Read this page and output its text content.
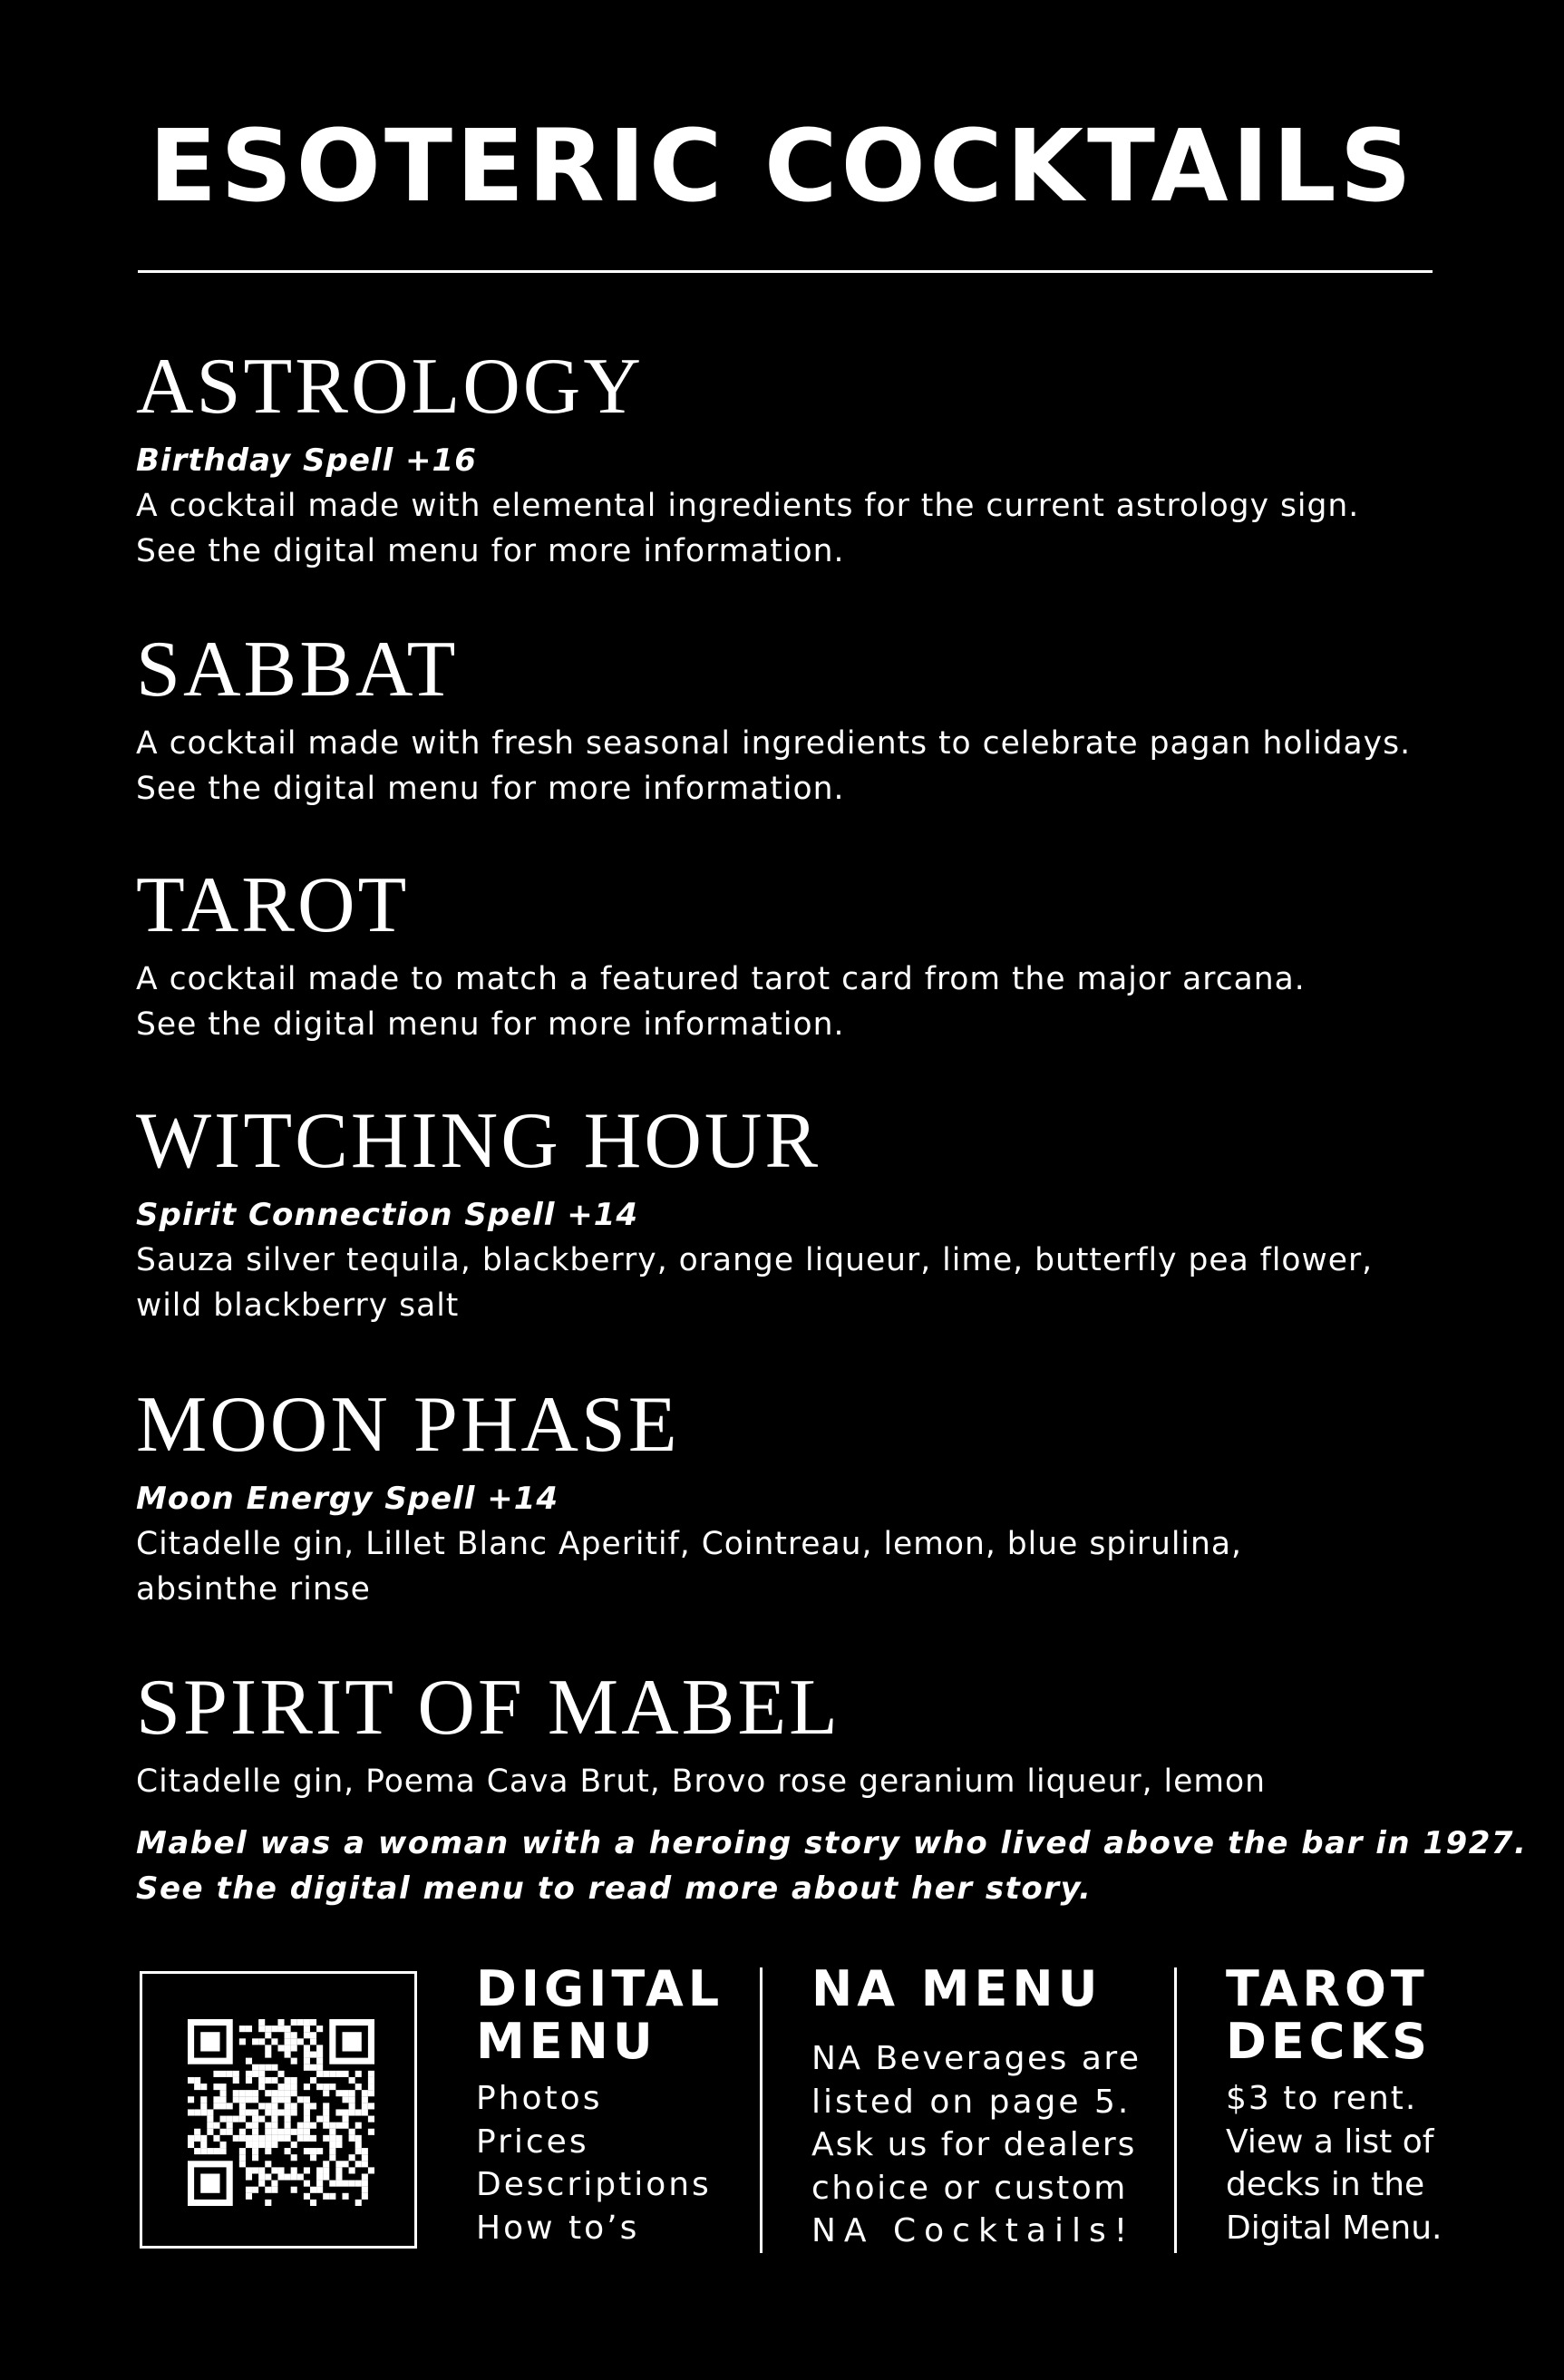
ESOTERIC COCKTAILS
ASTROLOGY
Birthday Spell +16
A cocktail made with elemental ingredients for the current astrology sign.
See the digital menu for more information.
SABBAT
A cocktail made with fresh seasonal ingredients to celebrate pagan holidays.
See the digital menu for more information.
TAROT
A cocktail made to match a featured tarot card from the major arcana.
See the digital menu for more information.
WITCHING HOUR
Spirit Connection Spell +14
Sauza silver tequila, blackberry, orange liqueur, lime, butterfly pea flower,
wild blackberry salt
MOON PHASE
Moon Energy Spell +14
Citadelle gin, Lillet Blanc Aperitif, Cointreau, lemon, blue spirulina,
absinthe rinse
SPIRIT OF MABEL
Citadelle gin, Poema Cava Brut, Brovo rose geranium liqueur, lemon
Mabel was a woman with a heroing story who lived above the bar in 1927.
See the digital menu to read more about her story.
DIGITAL
MENU
Photos
Prices
Descriptions
How to’s
NA MENU
NA Beverages are
listed on page 5.
Ask us for dealers
choice or custom
NA Cocktails!
TAROT
DECKS
$3 to rent.
View a list of
decks in the
Digital Menu.
